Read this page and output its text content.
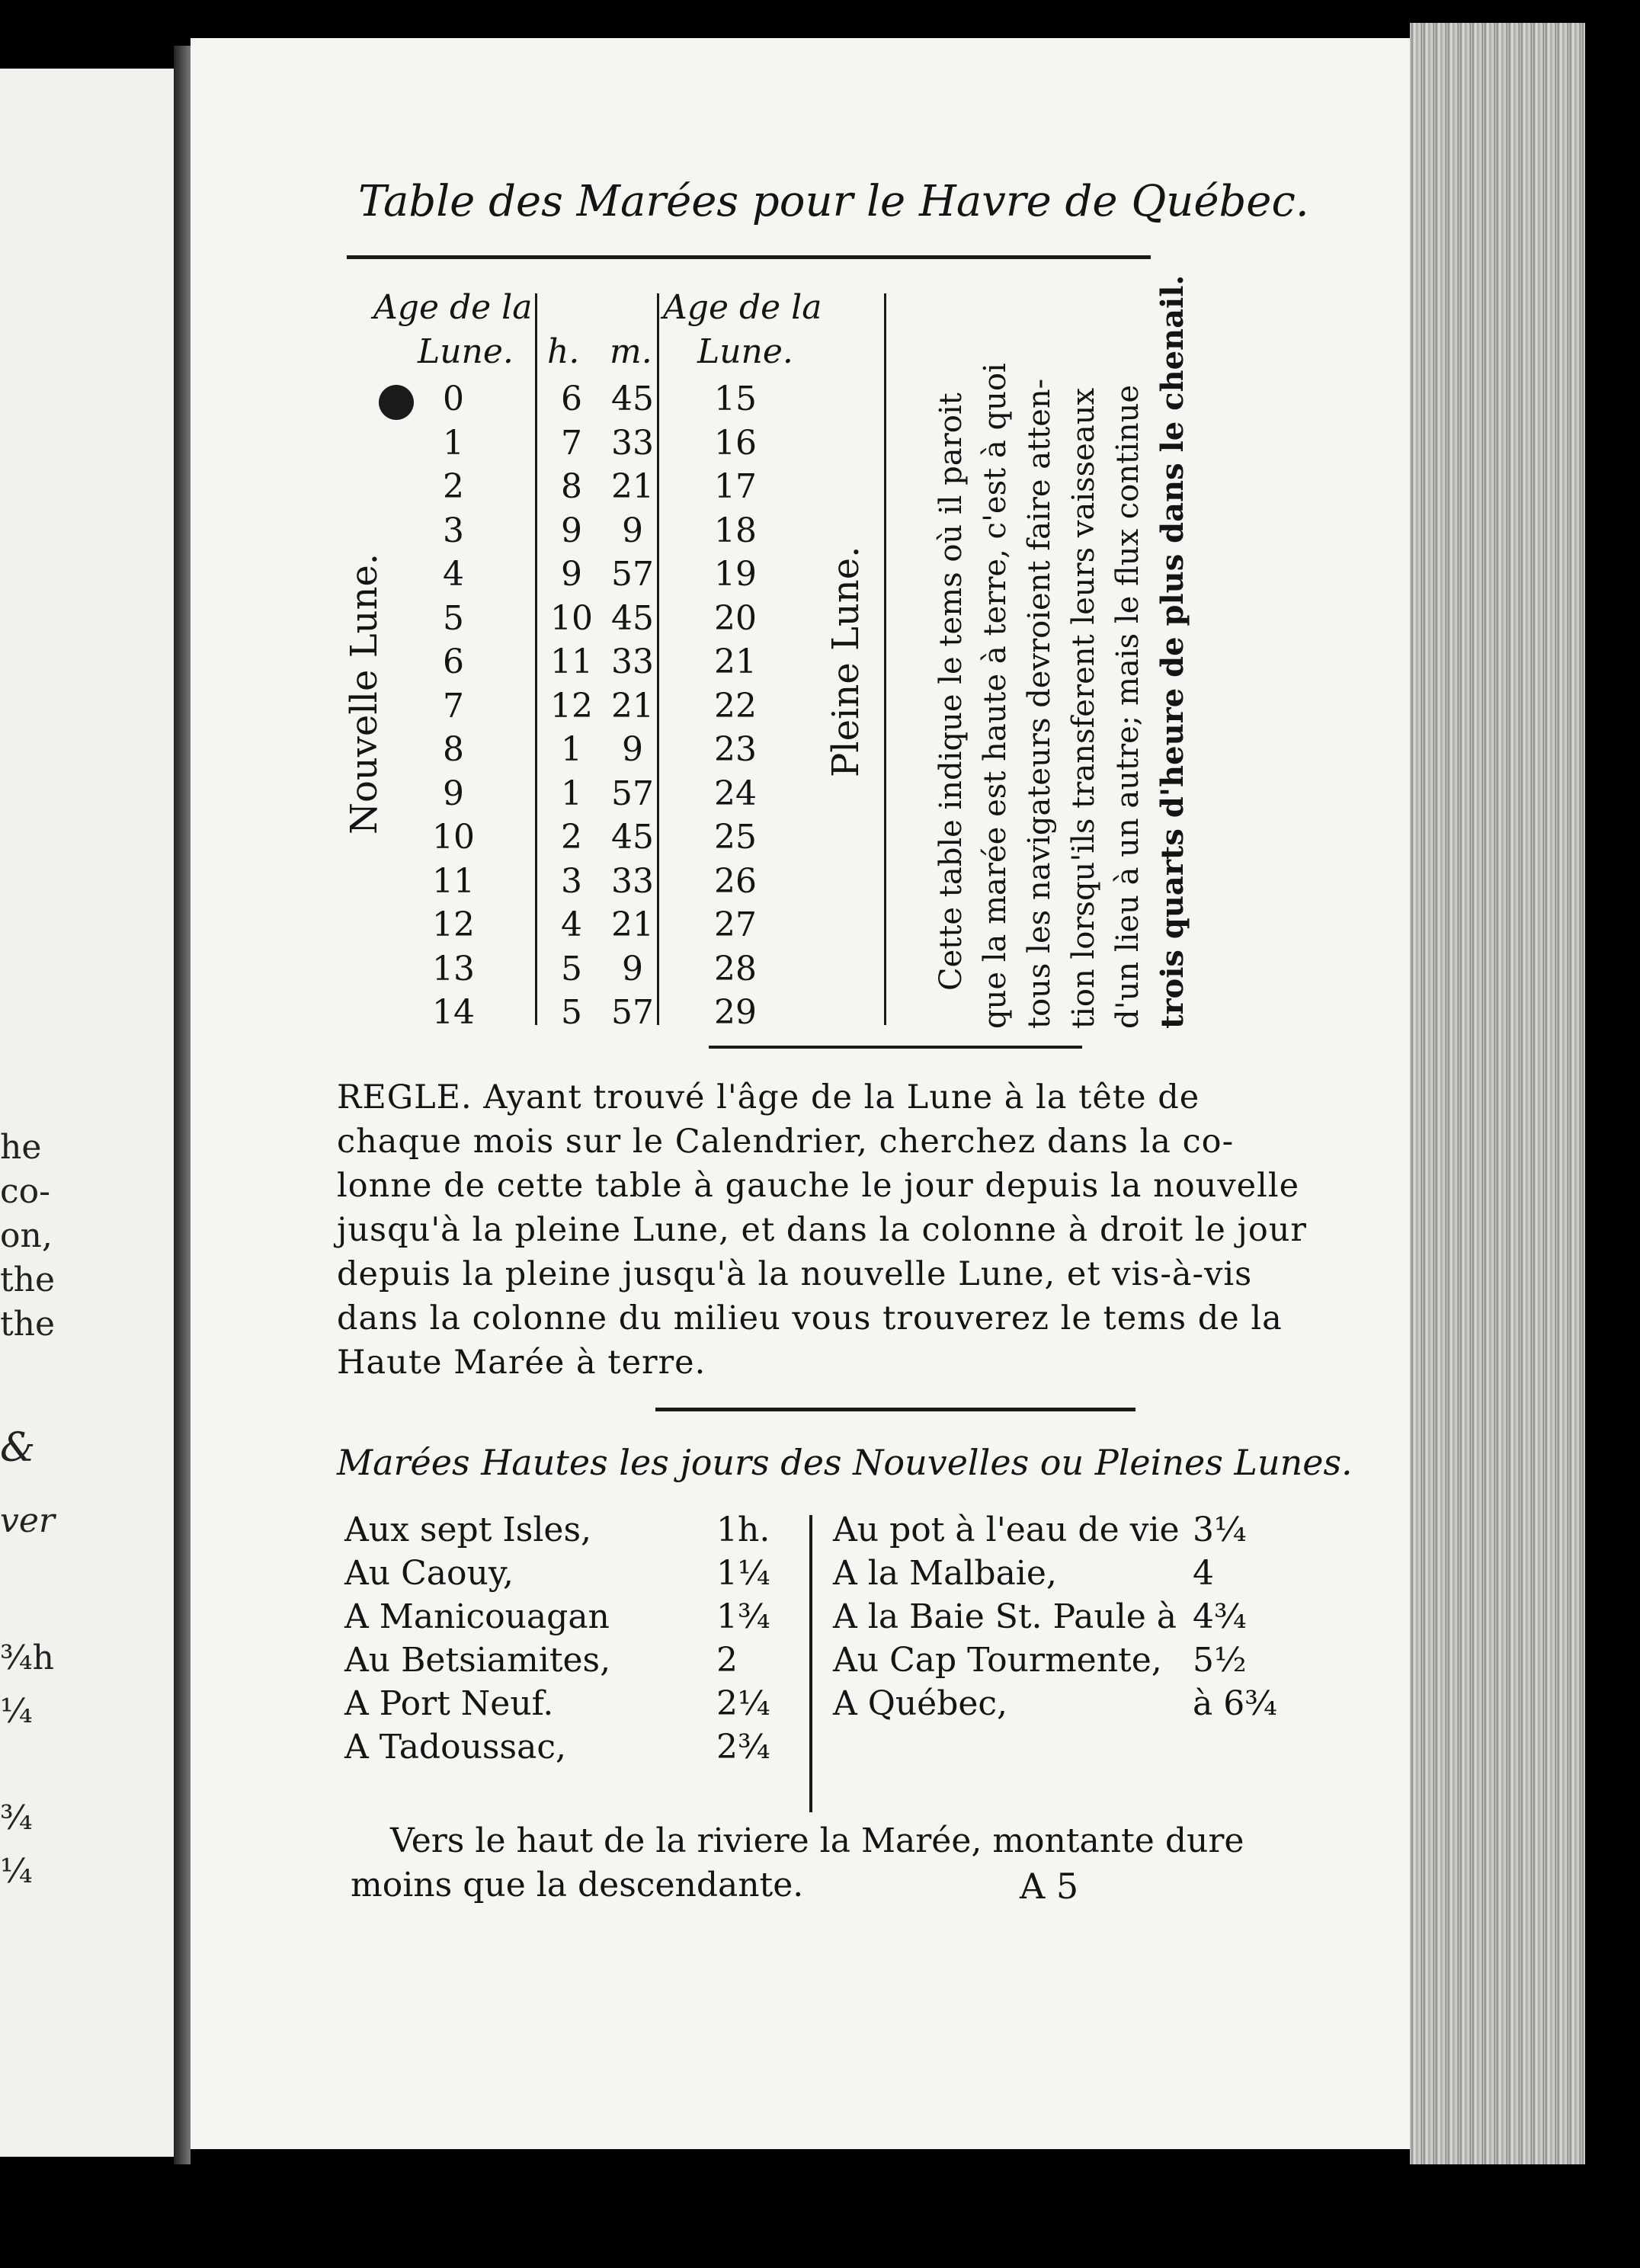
he
co-
on,
the
the
&
ver
¾h
¼
¾
¼
Table des Marées pour le Havre de Québec.
Age de la
Lune. h. m.
Age de la
Lune.
Nouvelle Lune.	Pleine Lune.
0	6 45	15
1	7 33	16
2	8 21	17
3	9	9	18
4	9 57	19
5	10 45	20
6	11 33	21
7	12 21	22
8	1	9	23
9	1 57	24
10	2 45	25
11	3 33	26
12	4 21	27
13	5	9	28
14	5 57	29
Cette table indique le tems où il paroit que la marée est haute à terre, c'est à quoi tous les navigateurs devroient faire atten- tion lorsqu'ils transferent leurs vaisseaux d'un lieu à un autre; mais le flux continue trois quarts d'heure de plus dans le chenail.
REGLE. Ayant trouvé l'âge de la Lune à la tête de
chaque mois sur le Calendrier, cherchez dans la co-
lonne de cette table à gauche le jour depuis la nouvelle
jusqu'à la pleine Lune, et dans la colonne à droit le jour
depuis la pleine jusqu'à la nouvelle Lune, et vis-à-vis
dans la colonne du milieu vous trouverez le tems de la
Haute Marée à terre.
Marées Hautes les jours des Nouvelles ou Pleines Lunes.
Aux sept Isles,	1h.
Au Caouy,	1¼
A Manicouagan	1¾
Au Betsiamites,	2
A Port Neuf.	2¼
A Tadoussac,	2¾
Au pot à l'eau de vie 3¼
A la Malbaie,	4
A la Baie St. Paule à 4¾
Au Cap Tourmente, 5½
A Québec,	à 6¾
Vers le haut de la riviere la Marée, montante dure
moins que la descendante.	A 5
